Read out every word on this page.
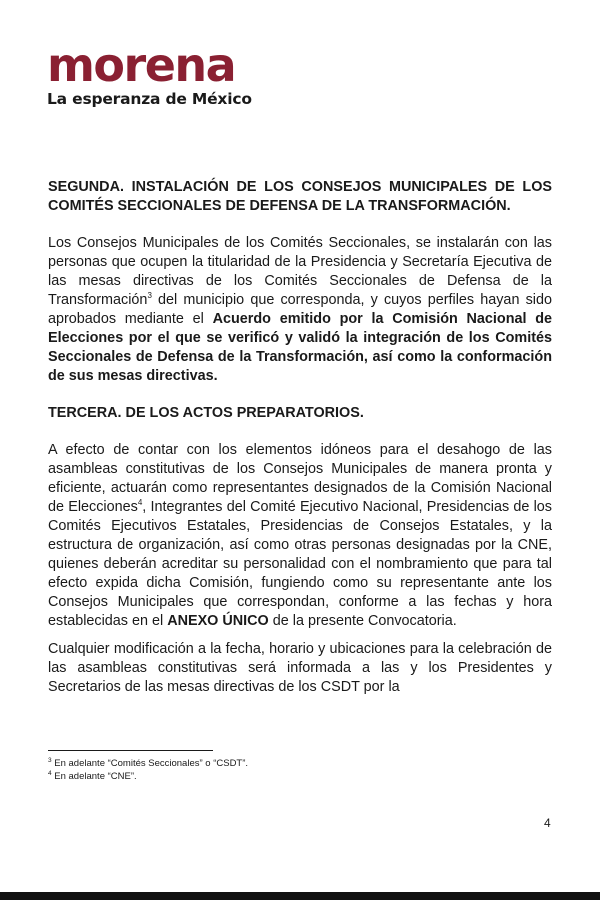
morena
La esperanza de México

SEGUNDA. INSTALACIÓN DE LOS CONSEJOS MUNICIPALES DE LOS COMITÉS SECCIONALES DE DEFENSA DE LA TRANSFORMACIÓN.

Los Consejos Municipales de los Comités Seccionales, se instalarán con las personas que ocupen la titularidad de la Presidencia y Secretaría Ejecutiva de las mesas directivas de los Comités Seccionales de Defensa de la Transformación$^3$ del municipio que corresponda, y cuyos perfiles hayan sido aprobados mediante el Acuerdo emitido por la Comisión Nacional de Elecciones por el que se verificó y validó la integración de los Comités Seccionales de Defensa de la Transformación, así como la conformación de sus mesas directivas.

TERCERA. DE LOS ACTOS PREPARATORIOS.

A efecto de contar con los elementos idóneos para el desahogo de las asambleas constitutivas de los Consejos Municipales de manera pronta y eficiente, actuarán como representantes designados de la Comisión Nacional de Elecciones$^4$, Integrantes del Comité Ejecutivo Nacional, Presidencias de los Comités Ejecutivos Estatales, Presidencias de Consejos Estatales, y la estructura de organización, así como otras personas designadas por la CNE, quienes deberán acreditar su personalidad con el nombramiento que para tal efecto expida dicha Comisión, fungiendo como su representante ante los Consejos Municipales que correspondan, conforme a las fechas y hora establecidas en el ANEXO ÚNICO de la presente Convocatoria.

Cualquier modificación a la fecha, horario y ubicaciones para la celebración de las asambleas constitutivas será informada a las y los Presidentes y Secretarios de las mesas directivas de los CSDT por la

$^3$ En adelante “Comités Seccionales” o “CSDT”.
$^4$ En adelante “CNE”.
4
